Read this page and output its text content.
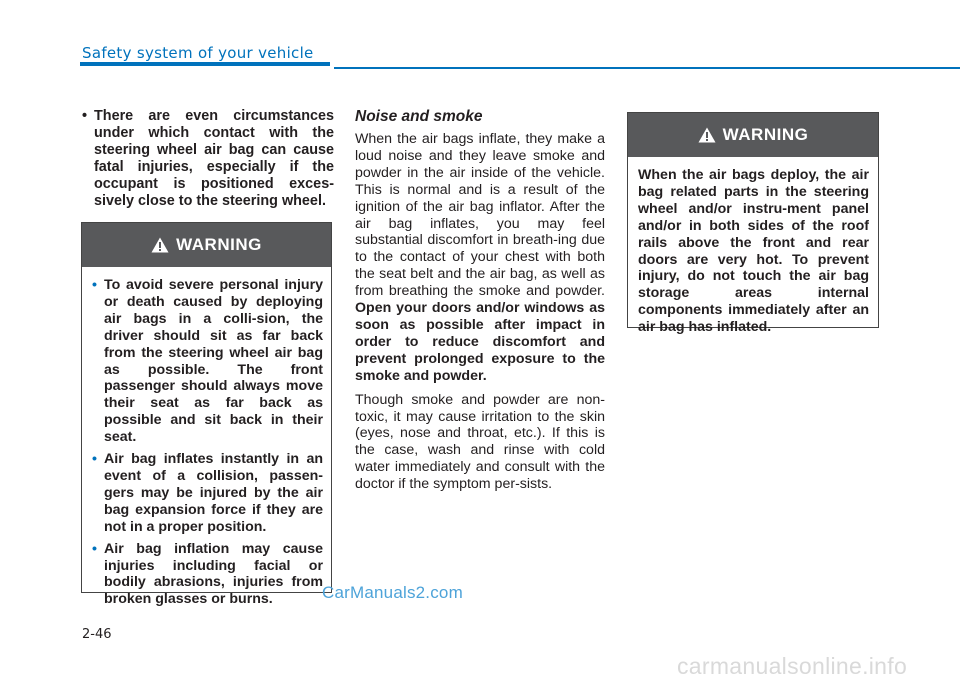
Safety system of your vehicle
• There are even circumstances under which contact with the steering wheel air bag can cause fatal injuries, especially if the occupant is positioned exces-sively close to the steering wheel.
WARNING
• To avoid severe personal injury or death caused by deploying air bags in a colli-sion, the driver should sit as far back from the steering wheel air bag as possible. The front passenger should always move their seat as far back as possible and sit back in their seat.
• Air bag inflates instantly in an event of a collision, passen-gers may be injured by the air bag expansion force if they are not in a proper position.
• Air bag inflation may cause injuries including facial or bodily abrasions, injuries from broken glasses or burns.
Noise and smoke

When the air bags inflate, they make a loud noise and they leave smoke and powder in the air inside of the vehicle. This is normal and is a result of the ignition of the air bag inflator. After the air bag inflates, you may feel substantial discomfort in breath-ing due to the contact of your chest with both the seat belt and the air bag, as well as from breathing the smoke and powder. Open your doors and/or windows as soon as possible after impact in order to reduce discomfort and prevent prolonged exposure to the smoke and powder.

Though smoke and powder are non-toxic, it may cause irritation to the skin (eyes, nose and throat, etc.). If this is the case, wash and rinse with cold water immediately and consult with the doctor if the symptom per-sists.

WARNING
When the air bags deploy, the air bag related parts in the steering wheel and/or instru-ment panel and/or in both sides of the roof rails above the front and rear doors are very hot. To prevent injury, do not touch the air bag storage areas internal components immediately after an air bag has inflated.
CarManuals2.com
2-46
carmanualsonline.info
